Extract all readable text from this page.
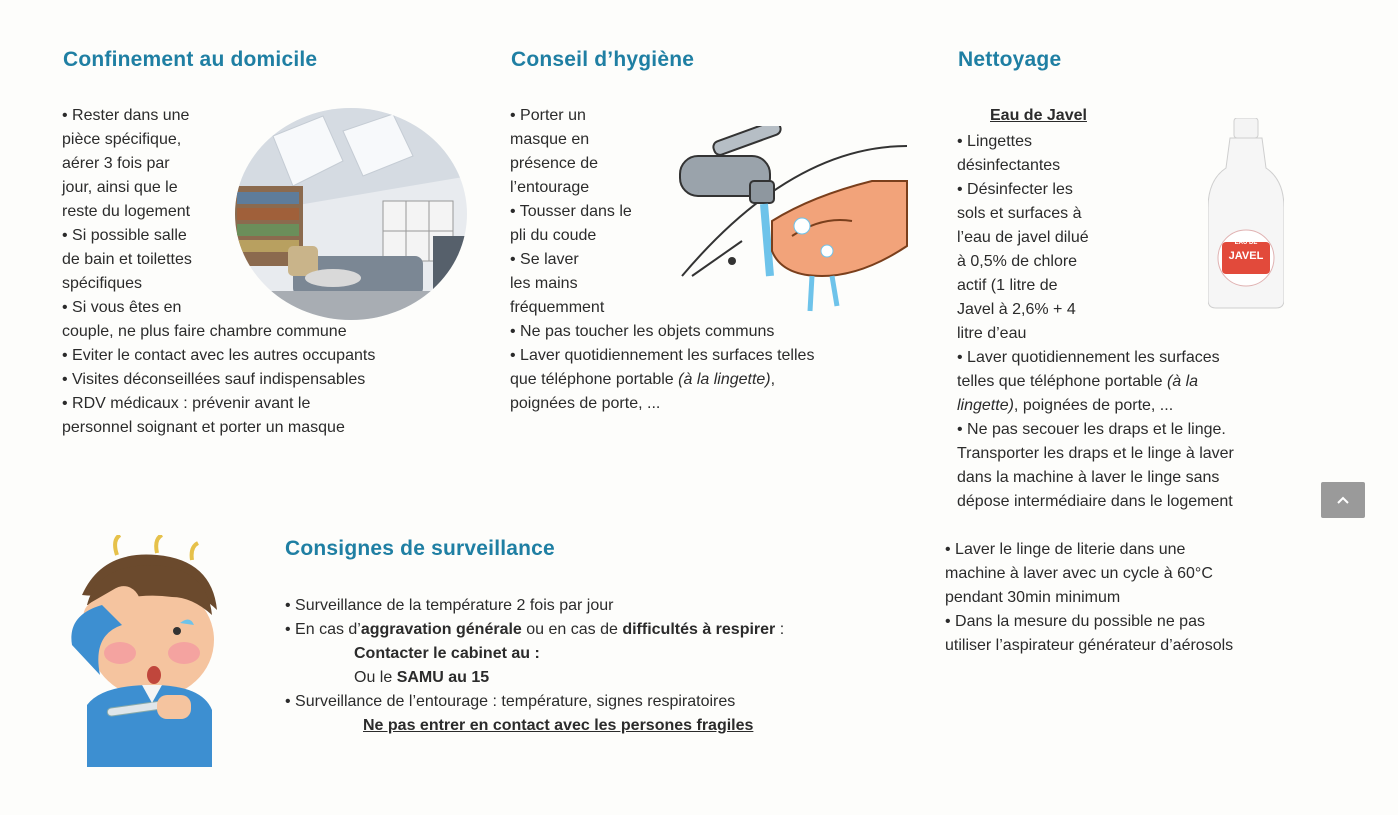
Confinement au domicile

• Rester dans une

pièce spécifique,

aérer 3 fois par

jour, ainsi que le

reste du logement

• Si possible salle

de bain et toilettes

spécifiques

• Si vous êtes en

couple, ne plus faire chambre commune

• Eviter le contact avec les autres occupants

• Visites déconseillées sauf indispensables

• RDV médicaux : prévenir avant le

personnel soignant et porter un masque

Conseil d’hygiène

• Porter un

masque en

présence de

l’entourage

• Tousser dans le

pli du coude

• Se laver

les mains

fréquemment

• Ne pas toucher les objets communs

• Laver quotidiennement les surfaces telles

que téléphone portable (à la lingette),

poignées de porte, ...

Nettoyage
Eau de Javel

• Lingettes

désinfectantes

• Désinfecter les

sols et surfaces à

l’eau de javel dilué

à 0,5% de chlore

actif (1 litre de

Javel à 2,6% + 4

litre d’eau

• Laver quotidiennement les surfaces

telles que téléphone portable (à la

lingette), poignées de porte, ...

• Ne pas secouer les draps et le linge.

Transporter les draps et le linge à laver

dans la machine à laver le linge sans

dépose intermédiaire dans le logement

• Laver le linge de literie dans une

machine à laver avec un cycle à 60°C

pendant 30min minimum

• Dans la mesure du possible ne pas

utiliser l’aspirateur générateur d’aérosols

EAU DE
JAVEL
Consignes de surveillance

• Surveillance de la température 2 fois par jour

• En cas d’aggravation générale ou en cas de difficultés à respirer :

Contacter le cabinet au :

Ou le SAMU au 15

• Surveillance de l’entourage : température, signes respiratoires

Ne pas entrer en contact avec les persones fragiles
